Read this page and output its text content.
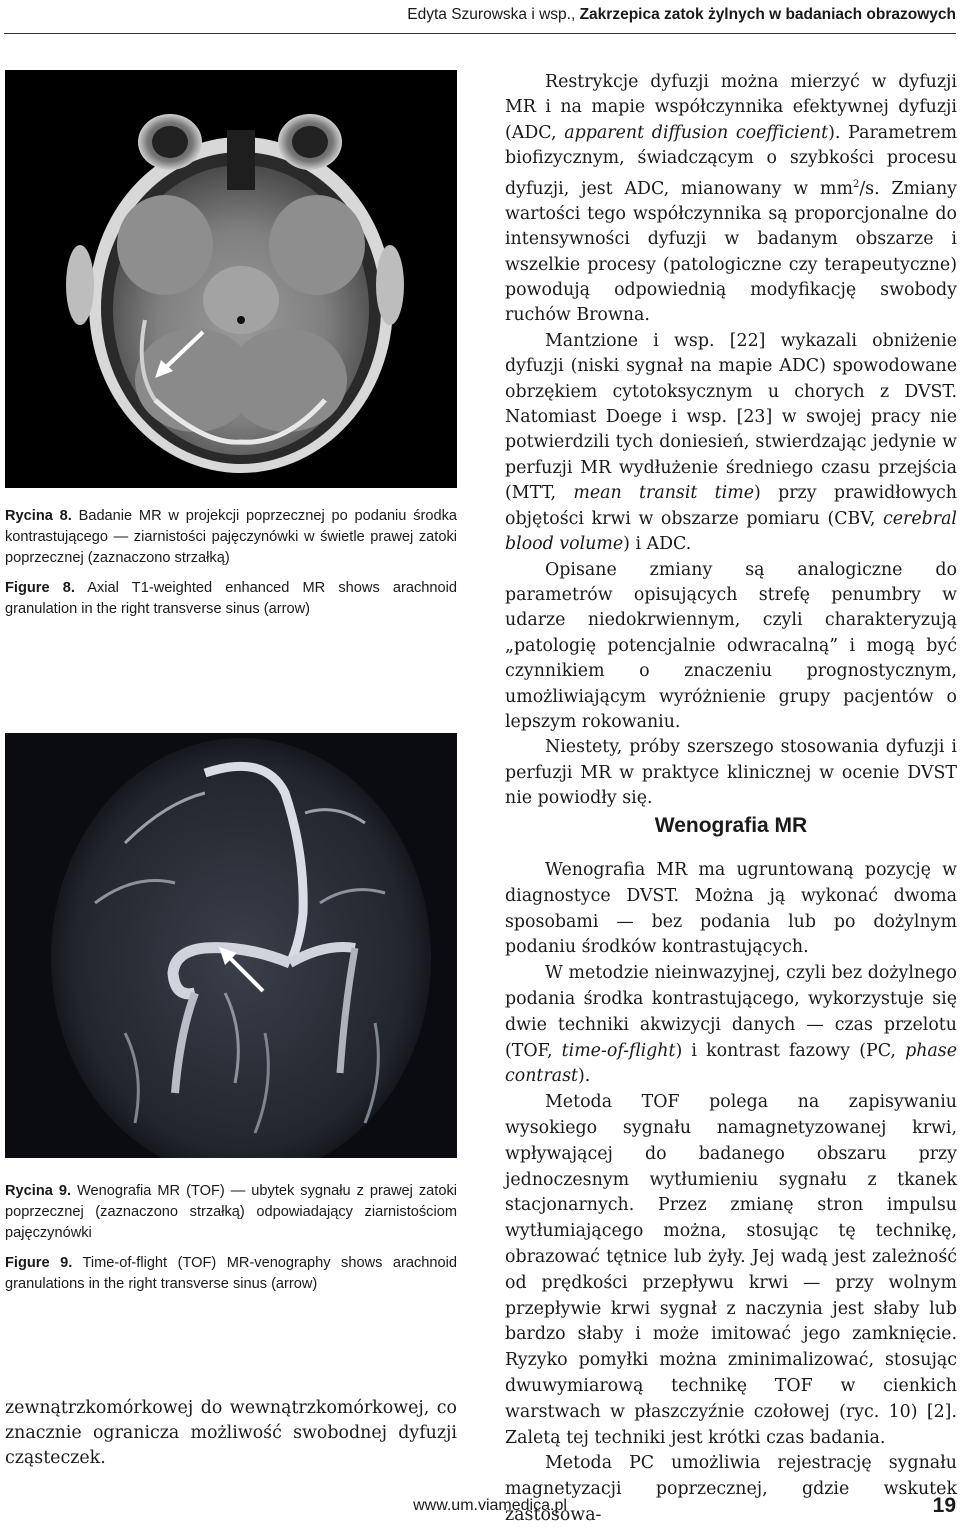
Edyta Szurowska i wsp., Zakrzepica zatok żylnych w badaniach obrazowych

Rycina 8. Badanie MR w projekcji poprzecznej po podaniu środka kontrastującego — ziarnistości pajęczynówki w świetle prawej zatoki poprzecznej (zaznaczono strzałką)

Figure 8. Axial T1-weighted enhanced MR shows arachnoid granulation in the right transverse sinus (arrow)

Rycina 9. Wenografia MR (TOF) — ubytek sygnału z prawej zatoki poprzecznej (zaznaczono strzałką) odpowiadający ziarnistościom pajęczynówki

Figure 9. Time-of-flight (TOF) MR-venography shows arachnoid granulations in the right transverse sinus (arrow)

zewnątrzkomórkowej do wewnątrzkomórkowej, co znacznie ogranicza możliwość swobodnej dyfuzji cząsteczek.

Restrykcje dyfuzji można mierzyć w dyfuzji MR i na mapie współczynnika efektywnej dyfuzji (ADC, apparent diffusion coefficient). Parametrem biofizycznym, świadczącym o szybkości procesu dyfuzji, jest ADC, mianowany w $mm^2/s$. Zmiany wartości tego współczynnika są proporcjonalne do intensywności dyfuzji w badanym obszarze i wszelkie procesy (patologiczne czy terapeutyczne) powodują odpowiednią modyfikację swobody ruchów Browna.

Mantzione i wsp. [22] wykazali obniżenie dyfuzji (niski sygnał na mapie ADC) spowodowane obrzękiem cytotoksycznym u chorych z DVST. Natomiast Doege i wsp. [23] w swojej pracy nie potwierdzili tych doniesień, stwierdzając jedynie w perfuzji MR wydłużenie średniego czasu przejścia (MTT, mean transit time) przy prawidłowych objętości krwi w obszarze pomiaru (CBV, cerebral blood volume) i ADC.

Opisane zmiany są analogiczne do parametrów opisujących strefę penumbry w udarze niedokrwiennym, czyli charakteryzują „patologię potencjalnie odwracalną” i mogą być czynnikiem o znaczeniu prognostycznym, umożliwiającym wyróżnienie grupy pacjentów o lepszym rokowaniu.

Niestety, próby szerszego stosowania dyfuzji i perfuzji MR w praktyce klinicznej w ocenie DVST nie powiodły się.

Wenografia MR

Wenografia MR ma ugruntowaną pozycję w diagnostyce DVST. Można ją wykonać dwoma sposobami — bez podania lub po dożylnym podaniu środków kontrastujących.

W metodzie nieinwazyjnej, czyli bez dożylnego podania środka kontrastującego, wykorzystuje się dwie techniki akwizycji danych — czas przelotu (TOF, time-of-flight) i kontrast fazowy (PC, phase contrast).

Metoda TOF polega na zapisywaniu wysokiego sygnału namagnetyzowanej krwi, wpływającej do badanego obszaru przy jednoczesnym wytłumieniu sygnału z tkanek stacjonarnych. Przez zmianę stron impulsu wytłumiającego można, stosując tę technikę, obrazować tętnice lub żyły. Jej wadą jest zależność od prędkości przepływu krwi — przy wolnym przepływie krwi sygnał z naczynia jest słaby lub bardzo słaby i może imitować jego zamknięcie. Ryzyko pomyłki można zminimalizować, stosując dwuwymiarową technikę TOF w cienkich warstwach w płaszczyźnie czołowej (ryc. 10) [2]. Zaletą tej techniki jest krótki czas badania.

Metoda PC umożliwia rejestrację sygnału magnetyzacji poprzecznej, gdzie wskutek zastosowa-

www.um.viamedica.pl	19
